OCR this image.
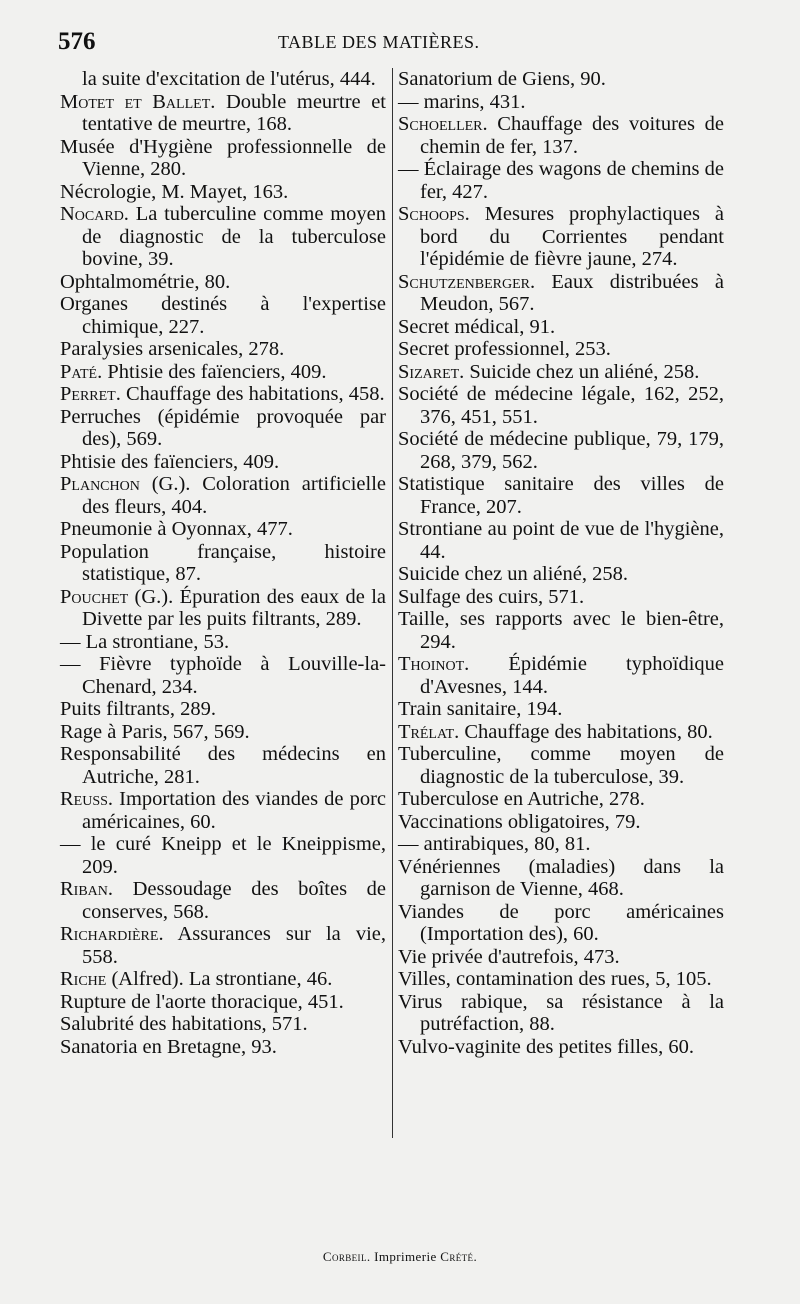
576	TABLE DES MATIÈRES.

la suite d'excitation de l'utérus, 444.

Motet et Ballet. Double meurtre et tentative de meurtre, 168.

Musée d'Hygiène professionnelle de Vienne, 280.

Nécrologie, M. Mayet, 163.

Nocard. La tuberculine comme moyen de diagnostic de la tuberculose bovine, 39.

Ophtalmométrie, 80.

Organes destinés à l'expertise chimique, 227.

Paralysies arsenicales, 278.

Paté. Phtisie des faïenciers, 409.

Perret. Chauffage des habitations, 458.

Perruches (épidémie provoquée par des), 569.

Phtisie des faïenciers, 409.

Planchon (G.). Coloration artificielle des fleurs, 404.

Pneumonie à Oyonnax, 477.

Population française, histoire statistique, 87.

Pouchet (G.). Épuration des eaux de la Divette par les puits filtrants, 289.

— La strontiane, 53.

— Fièvre typhoïde à Louville-la-Chenard, 234.

Puits filtrants, 289.

Rage à Paris, 567, 569.

Responsabilité des médecins en Autriche, 281.

Reuss. Importation des viandes de porc américaines, 60.

— le curé Kneipp et le Kneippisme, 209.

Riban. Dessoudage des boîtes de conserves, 568.

Richardière. Assurances sur la vie, 558.

Riche (Alfred). La strontiane, 46.

Rupture de l'aorte thoracique, 451.

Salubrité des habitations, 571.

Sanatoria en Bretagne, 93.

Sanatorium de Giens, 90.

— marins, 431.

Schoeller. Chauffage des voitures de chemin de fer, 137.

— Éclairage des wagons de chemins de fer, 427.

Schoops. Mesures prophylactiques à bord du Corrientes pendant l'épidémie de fièvre jaune, 274.

Schutzenberger. Eaux distribuées à Meudon, 567.

Secret médical, 91.

Secret professionnel, 253.

Sizaret. Suicide chez un aliéné, 258.

Société de médecine légale, 162, 252, 376, 451, 551.

Société de médecine publique, 79, 179, 268, 379, 562.

Statistique sanitaire des villes de France, 207.

Strontiane au point de vue de l'hygiène, 44.

Suicide chez un aliéné, 258.

Sulfage des cuirs, 571.

Taille, ses rapports avec le bien-être, 294.

Thoinot. Épidémie typhoïdique d'Avesnes, 144.

Train sanitaire, 194.

Trélat. Chauffage des habitations, 80.

Tuberculine, comme moyen de diagnostic de la tuberculose, 39.

Tuberculose en Autriche, 278.

Vaccinations obligatoires, 79.

— antirabiques, 80, 81.

Vénériennes (maladies) dans la garnison de Vienne, 468.

Viandes de porc américaines (Importation des), 60.

Vie privée d'autrefois, 473.

Villes, contamination des rues, 5, 105.

Virus rabique, sa résistance à la putréfaction, 88.

Vulvo-vaginite des petites filles, 60.

Corbeil. Imprimerie Crété.
